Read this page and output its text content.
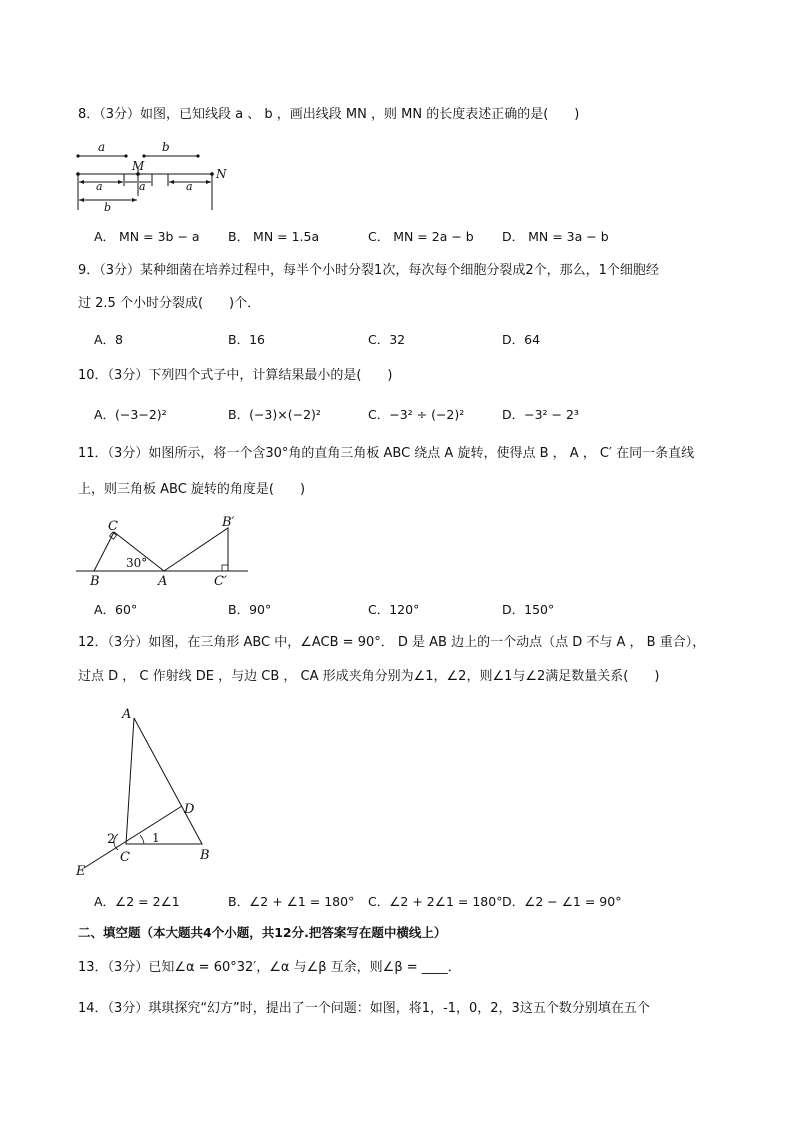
8．（3分）如图，已知线段 a 、 b ，画出线段 MN ，则 MN 的长度表述正确的是(　　)
a	b
M
N
a	a	a
b
A． MN = 3b − a B． MN = 1.5a	C． MN = 2a − b D． MN = 3a − b
9．（3分）某种细菌在培养过程中，每半个小时分裂1次，每次每个细胞分裂成2个，那么，1个细胞经
过 2.5 个小时分裂成(　　)个．
A．8	B．16	C．32	D．64
10．（3分）下列四个式子中，计算结果最小的是(　　)
A．(−3−2)²	B．(−3)×(−2)²	C．−3² ÷ (−2)²	D．−3² − 2³
11．（3分）如图所示，将一个含30°角的直角三角板 ABC 绕点 A 旋转，使得点 B ， A ， C′ 在同一条直线
上，则三角板 ABC 旋转的角度是(　　)
C
B	A
B′
C′
30°
A．60°	B．90°	C．120°	D．150°
12．（3分）如图，在三角形 ABC 中，∠ACB = 90°． D 是 AB 边上的一个动点（点 D 不与 A ， B 重合），
过点 D ， C 作射线 DE ，与边 CB ， CA 形成夹角分别为∠1，∠2，则∠1与∠2满足数量关系(　　)
A
D
2	1
C	B
E
A．∠2 = 2∠1	B．∠2 + ∠1 = 180° C．∠2 + 2∠1 = 180° D．∠2 − ∠1 = 90°
二、填空题（本大题共4个小题，共12分.把答案写在题中横线上）
13．（3分）已知∠α = 60°32′，∠α 与∠β 互余，则∠β = ____．
14．（3分）琪琪探究“幻方”时，提出了一个问题：如图，将1，-1，0，2，3这五个数分别填在五个
